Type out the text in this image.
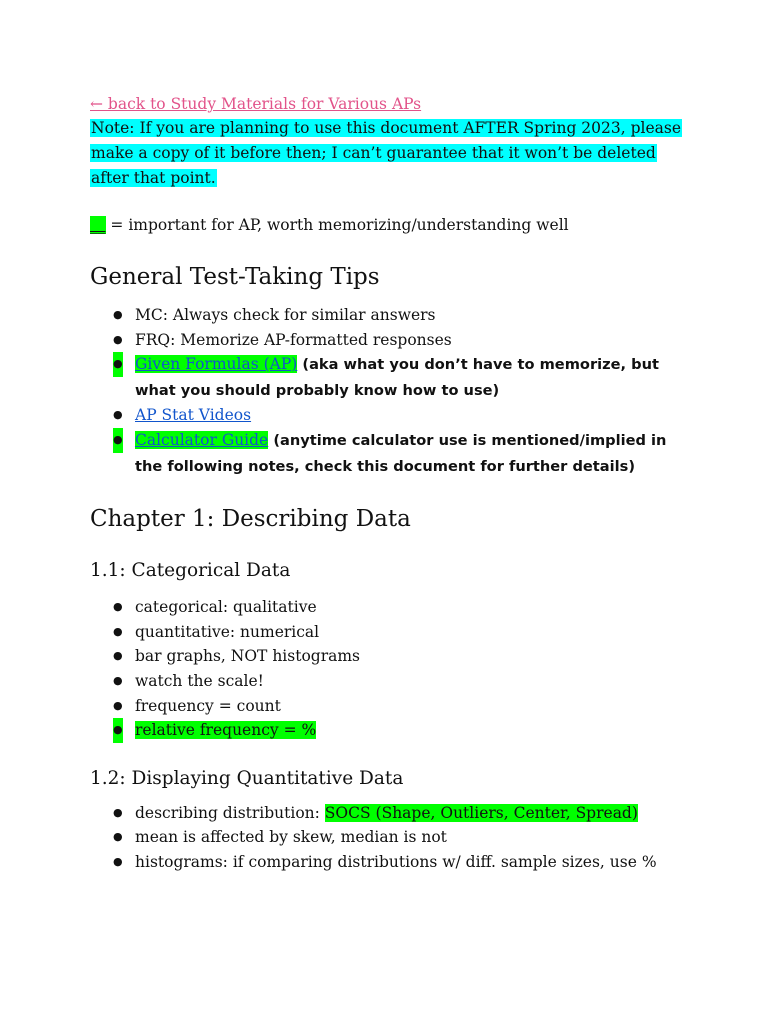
← back to Study Materials for Various APs

Note: If you are planning to use this document AFTER Spring 2023, please make a copy of it before then; I can’t guarantee that it won’t be deleted after that point.

__ = important for AP, worth memorizing/understanding well
General Test-Taking Tips
● MC: Always check for similar answers
● FRQ: Memorize AP-formatted responses
● Given Formulas (AP) (aka what you don’t have to memorize, but what you should probably know how to use)
● AP Stat Videos
● Calculator Guide (anytime calculator use is mentioned/implied in the following notes, check this document for further details)
Chapter 1: Describing Data
1.1: Categorical Data
● categorical: qualitative
● quantitative: numerical
● bar graphs, NOT histograms
● watch the scale!
● frequency = count
● relative frequency = %
1.2: Displaying Quantitative Data
● describing distribution: SOCS (Shape, Outliers, Center, Spread)
● mean is affected by skew, median is not
● histograms: if comparing distributions w/ diff. sample sizes, use %
